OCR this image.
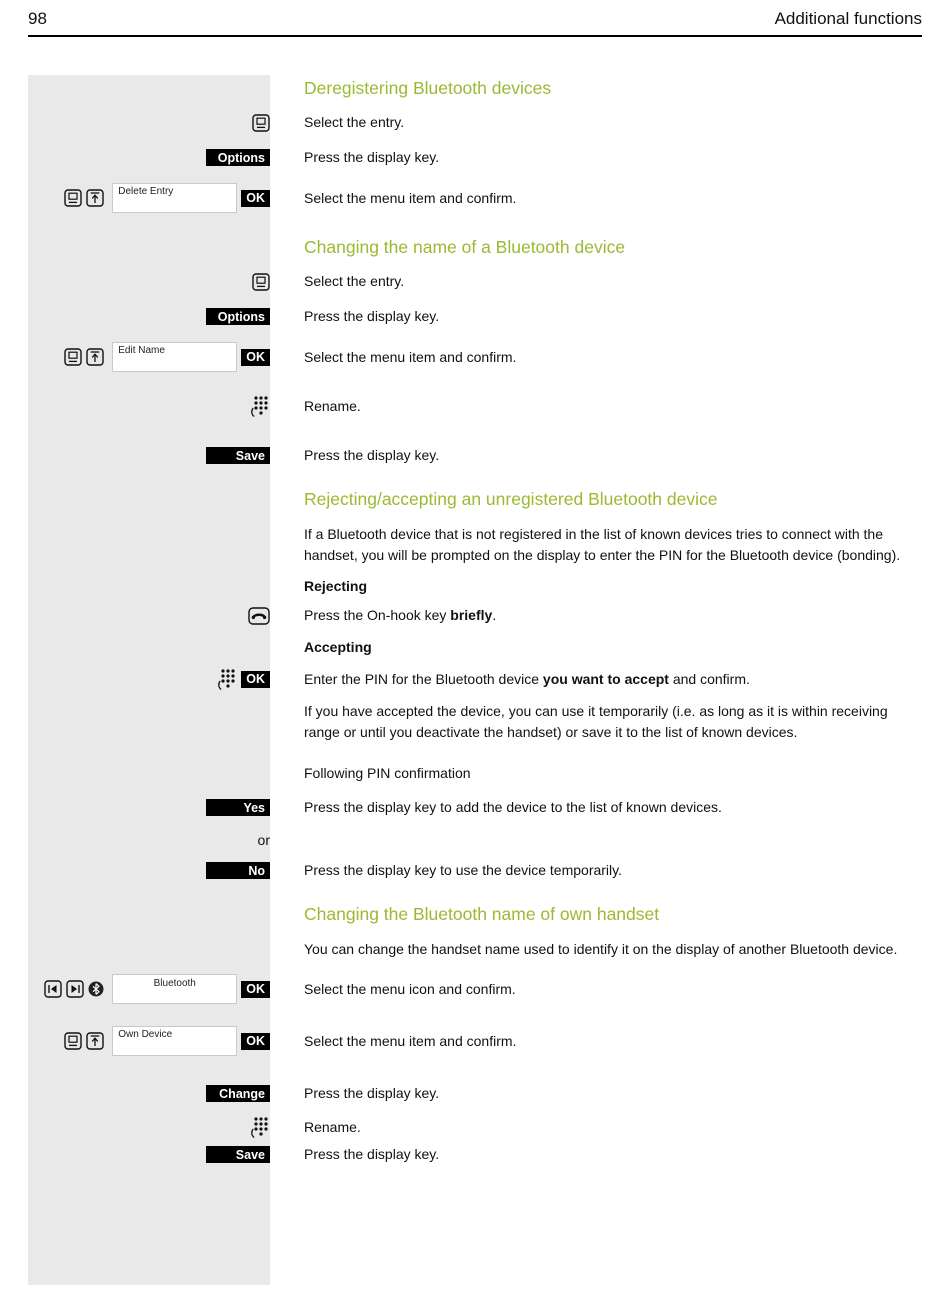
98	Additional functions
Deregistering Bluetooth devices
Select the entry.
Options	Press the display key.
Delete Entry	OK	Select the menu item and confirm.
Changing the name of a Bluetooth device
Select the entry.
Options	Press the display key.
Edit Name	OK	Select the menu item and confirm.
Rename.
Save	Press the display key.
Rejecting/accepting an unregistered Bluetooth device

If a Bluetooth device that is not registered in the list of known devices tries to connect with the handset, you will be prompted on the display to enter the PIN for the Bluetooth device (bonding).

Rejecting

Press the On-hook key briefly.

Accepting

OK	Enter the PIN for the Bluetooth device you want to accept and confirm.

If you have accepted the device, you can use it temporarily (i.e. as long as it is within receiving range or until you deactivate the handset) or save it to the list of known devices.

Following PIN confirmation

Yes	Press the display key to add the device to the list of known devices.
or
No	Press the display key to use the device temporarily.
Changing the Bluetooth name of own handset

You can change the handset name used to identify it on the display of another Bluetooth device.

Bluetooth	OK	Select the menu icon and confirm.
Own Device	OK	Select the menu item and confirm.
Change	Press the display key.
Rename.
Save	Press the display key.
